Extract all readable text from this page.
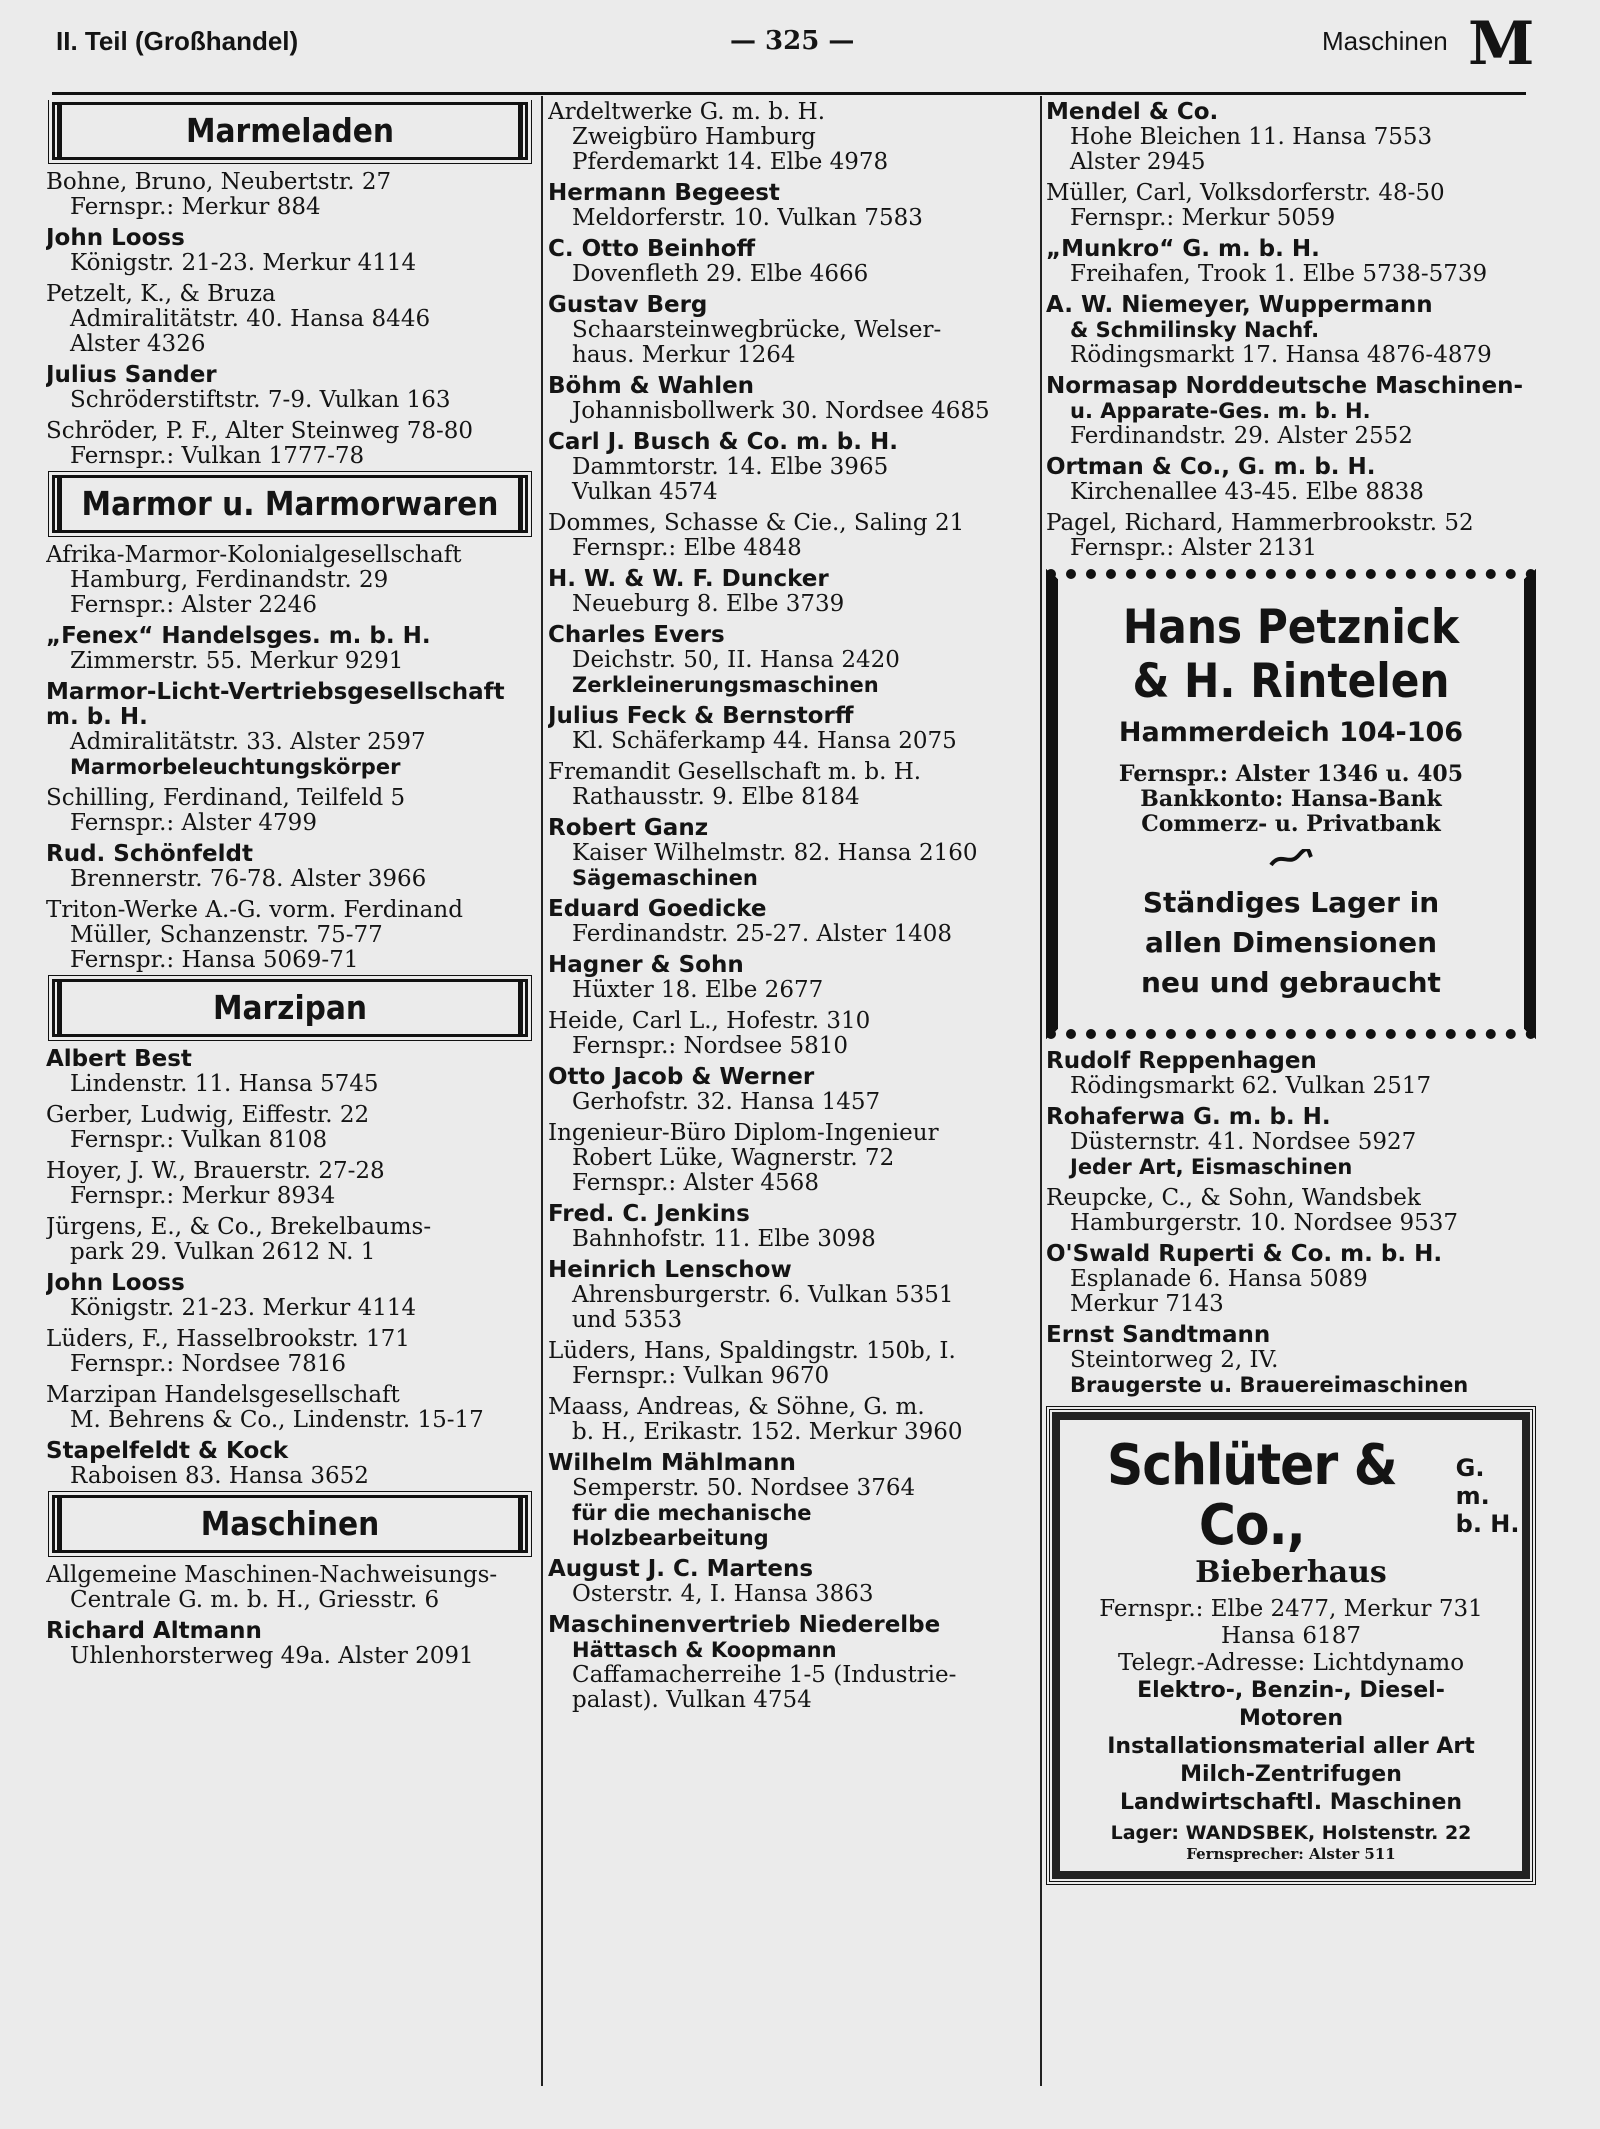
II. Teil (Großhandel)	— 325 —	Maschinen M
Marmeladen
Bohne, Bruno, Neubertstr. 27
Fernspr.: Merkur 884
John Looss
Königstr. 21-23. Merkur 4114
Petzelt, K., & Bruza
Admiralitätstr. 40. Hansa 8446
Alster 4326
Julius Sander
Schröderstiftstr. 7-9. Vulkan 163
Schröder, P. F., Alter Steinweg 78-80
Fernspr.: Vulkan 1777-78
Marmor u. Marmorwaren
Afrika-Marmor-Kolonialgesellschaft
Hamburg, Ferdinandstr. 29
Fernspr.: Alster 2246
„Fenex“ Handelsges. m. b. H.
Zimmerstr. 55. Merkur 9291
Marmor-Licht-Vertriebsgesellschaft
m. b. H.
Admiralitätstr. 33. Alster 2597
Marmorbeleuchtungskörper
Schilling, Ferdinand, Teilfeld 5
Fernspr.: Alster 4799
Rud. Schönfeldt
Brennerstr. 76-78. Alster 3966
Triton-Werke A.-G. vorm. Ferdinand
Müller, Schanzenstr. 75-77
Fernspr.: Hansa 5069-71
Marzipan
Albert Best
Lindenstr. 11. Hansa 5745
Gerber, Ludwig, Eiffestr. 22
Fernspr.: Vulkan 8108
Hoyer, J. W., Brauerstr. 27-28
Fernspr.: Merkur 8934
Jürgens, E., & Co., Brekelbaums-
park 29. Vulkan 2612 N. 1
John Looss
Königstr. 21-23. Merkur 4114
Lüders, F., Hasselbrookstr. 171
Fernspr.: Nordsee 7816
Marzipan Handelsgesellschaft
M. Behrens & Co., Lindenstr. 15-17
Stapelfeldt & Kock
Raboisen 83. Hansa 3652
Maschinen
Allgemeine Maschinen-Nachweisungs-
Centrale G. m. b. H., Griesstr. 6
Richard Altmann
Uhlenhorsterweg 49a. Alster 2091
Ardeltwerke G. m. b. H.
Zweigbüro Hamburg
Pferdemarkt 14. Elbe 4978
Hermann Begeest
Meldorferstr. 10. Vulkan 7583
C. Otto Beinhoff
Dovenfleth 29. Elbe 4666
Gustav Berg
Schaarsteinwegbrücke, Welser-
haus. Merkur 1264
Böhm & Wahlen
Johannisbollwerk 30. Nordsee 4685
Carl J. Busch & Co. m. b. H.
Dammtorstr. 14. Elbe 3965
Vulkan 4574
Dommes, Schasse & Cie., Saling 21
Fernspr.: Elbe 4848
H. W. & W. F. Duncker
Neueburg 8. Elbe 3739
Charles Evers
Deichstr. 50, II. Hansa 2420
Zerkleinerungsmaschinen
Julius Feck & Bernstorff
Kl. Schäferkamp 44. Hansa 2075
Fremandit Gesellschaft m. b. H.
Rathausstr. 9. Elbe 8184
Robert Ganz
Kaiser Wilhelmstr. 82. Hansa 2160
Sägemaschinen
Eduard Goedicke
Ferdinandstr. 25-27. Alster 1408
Hagner & Sohn
Hüxter 18. Elbe 2677
Heide, Carl L., Hofestr. 310
Fernspr.: Nordsee 5810
Otto Jacob & Werner
Gerhofstr. 32. Hansa 1457
Ingenieur-Büro Diplom-Ingenieur
Robert Lüke, Wagnerstr. 72
Fernspr.: Alster 4568
Fred. C. Jenkins
Bahnhofstr. 11. Elbe 3098
Heinrich Lenschow
Ahrensburgerstr. 6. Vulkan 5351
und 5353
Lüders, Hans, Spaldingstr. 150b, I.
Fernspr.: Vulkan 9670
Maass, Andreas, & Söhne, G. m.
b. H., Erikastr. 152. Merkur 3960
Wilhelm Mählmann
Semperstr. 50. Nordsee 3764
für die mechanische
Holzbearbeitung
August J. C. Martens
Osterstr. 4, I. Hansa 3863
Maschinenvertrieb Niederelbe
Hättasch & Koopmann
Caffamacherreihe 1-5 (Industrie-
palast). Vulkan 4754
Mendel & Co.
Hohe Bleichen 11. Hansa 7553
Alster 2945
Müller, Carl, Volksdorferstr. 48-50
Fernspr.: Merkur 5059
„Munkro“ G. m. b. H.
Freihafen, Trook 1. Elbe 5738-5739
A. W. Niemeyer, Wuppermann
& Schmilinsky Nachf.
Rödingsmarkt 17. Hansa 4876-4879
Normasap Norddeutsche Maschinen-
u. Apparate-Ges. m. b. H.
Ferdinandstr. 29. Alster 2552
Ortman & Co., G. m. b. H.
Kirchenallee 43-45. Elbe 8838
Pagel, Richard, Hammerbrookstr. 52
Fernspr.: Alster 2131
Hans Petznick
& H. Rintelen
Hammerdeich 104-106
Fernspr.: Alster 1346 u. 405
Bankkonto: Hansa-Bank
Commerz- u. Privatbank
Ständiges Lager in
allen Dimensionen
neu und gebraucht
Rudolf Reppenhagen
Rödingsmarkt 62. Vulkan 2517
Rohaferwa G. m. b. H.
Düsternstr. 41. Nordsee 5927
Jeder Art, Eismaschinen
Reupcke, C., & Sohn, Wandsbek
Hamburgerstr. 10. Nordsee 9537
O'Swald Ruperti & Co. m. b. H.
Esplanade 6. Hansa 5089
Merkur 7143
Ernst Sandtmann
Steintorweg 2, IV.
Braugerste u. Brauereimaschinen
Schlüter & Co.,
G. m.
b. H.
Bieberhaus
Fernspr.: Elbe 2477, Merkur 731
Hansa 6187
Telegr.-Adresse: Lichtdynamo
Elektro-, Benzin-, Diesel-
Motoren
Installationsmaterial aller Art
Milch-Zentrifugen
Landwirtschaftl. Maschinen
Lager: WANDSBEK, Holstenstr. 22
Fernsprecher: Alster 511
